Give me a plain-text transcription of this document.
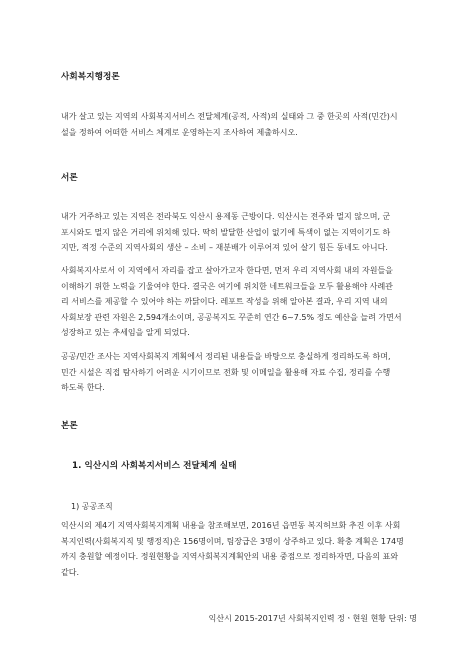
사회복지행정론
내가 살고 있는 지역의 사회복지서비스 전달체계(공적, 사적)의 실태와 그 중 한곳의 사적(민간)시
설을 정하여 어떠한 서비스 체계로 운영하는지 조사하여 제출하시오.
서론
내가 거주하고 있는 지역은 전라북도 익산시 용제동 근방이다. 익산시는 전주와 멀지 않으며, 군
포시와도 멀지 않은 거리에 위치해 있다. 딱히 발달한 산업이 없기에 특색이 없는 지역이기도 하
지만, 적정 수준의 지역사회의 생산 – 소비 – 재분배가 이루어져 있어 살기 힘든 동네도 아니다.
사회복지사로서 이 지역에서 자리를 잡고 살아가고자 한다면, 먼저 우리 지역사회 내의 자원들을
이해하기 위한 노력을 기울여야 한다. 결국은 여기에 위치한 네트워크들을 모두 활용해야 사례관
리 서비스를 제공할 수 있어야 하는 까닭이다. 레포트 작성을 위해 알아본 결과, 우리 지역 내의
사회보장 관련 자원은 2,594개소이며, 공공복지도 꾸준히 연간 6~7.5% 정도 예산을 늘려 가면서
성장하고 있는 추세임을 알게 되었다.
공공/민간 조사는 지역사회복지 계획에서 정리된 내용들을 바탕으로 충실하게 정리하도록 하며,
민간 시설은 직접 탐사하기 어려운 시기이므로 전화 및 이메일을 활용해 자료 수집, 정리를 수행
하도록 한다.
본론
1. 익산시의 사회복지서비스 전달체계 실태
1) 공공조직
익산시의 제4기 지역사회복지계획 내용을 참조해보면, 2016년 읍면동 복지허브화 추진 이후 사회
복지인력(사회복지직 및 행정직)은 156명이며, 팀장급은 3명이 상주하고 있다. 확충 계획은 174명
까지 충원할 예정이다. 정원현황을 지역사회복지계획안의 내용 중점으로 정리하자면, 다음의 표와
같다.
익산시 2015-2017년 사회복지인력 정ㆍ현원 현황 단위: 명
